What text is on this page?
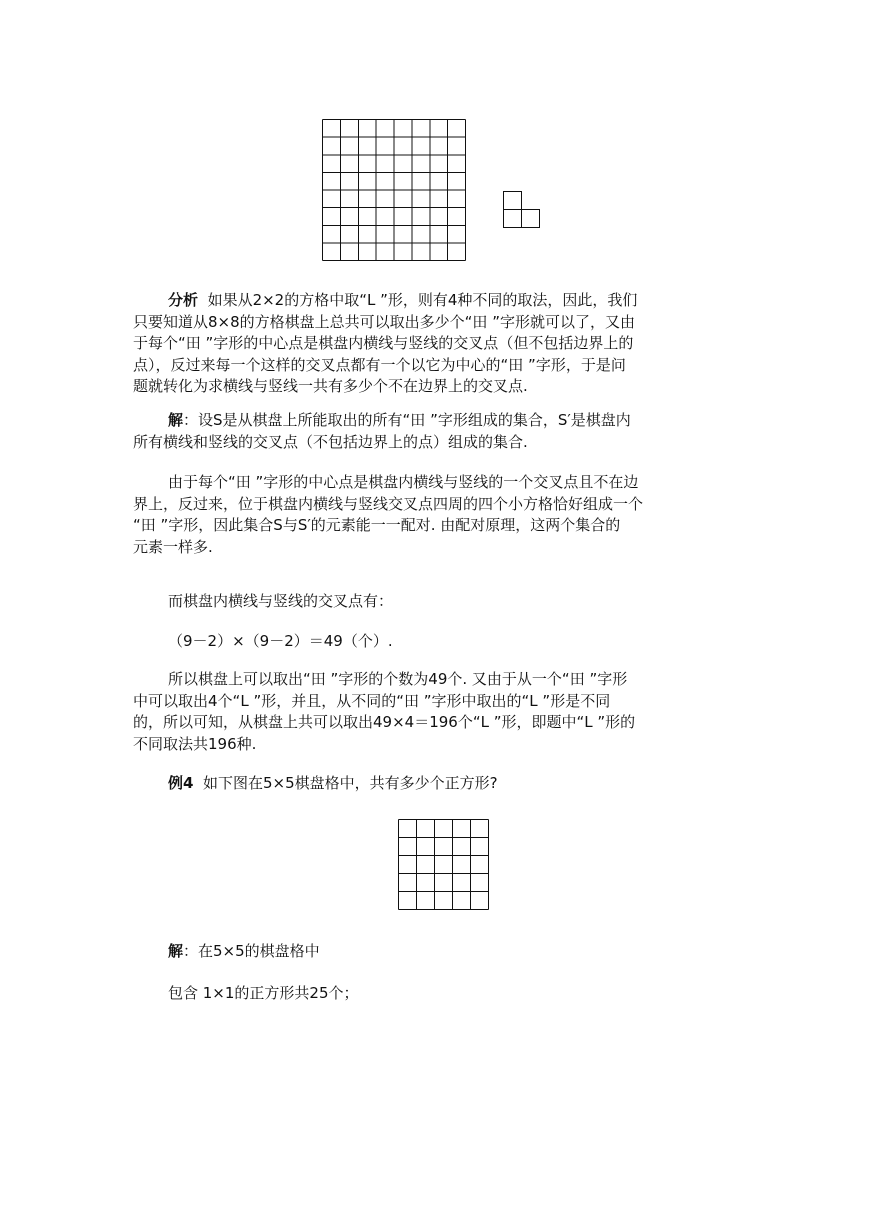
分析 如果从2×2的方格中取“L ”形，则有4种不同的取法，因此，我们
只要知道从8×8的方格棋盘上总共可以取出多少个“田 ”字形就可以了，又由
于每个“田 ”字形的中心点是棋盘内横线与竖线的交叉点（但不包括边界上的
点），反过来每一个这样的交叉点都有一个以它为中心的“田 ”字形，于是问
题就转化为求横线与竖线一共有多少个不在边界上的交叉点.
解：设S是从棋盘上所能取出的所有“田 ”字形组成的集合，S′是棋盘内
所有横线和竖线的交叉点（不包括边界上的点）组成的集合.
由于每个“田 ”字形的中心点是棋盘内横线与竖线的一个交叉点且不在边
界上，反过来，位于棋盘内横线与竖线交叉点四周的四个小方格恰好组成一个
“田 ”字形，因此集合S与S′的元素能一一配对. 由配对原理，这两个集合的
元素一样多.
而棋盘内横线与竖线的交叉点有：
（9－2）×（9－2）＝49（个）.
所以棋盘上可以取出“田 ”字形的个数为49个. 又由于从一个“田 ”字形
中可以取出4个“L ”形，并且，从不同的“田 ”字形中取出的“L ”形是不同
的，所以可知，从棋盘上共可以取出49×4＝196个“L ”形，即题中“L ”形的
不同取法共196种.
例4 如下图在5×5棋盘格中，共有多少个正方形?
解：在5×5的棋盘格中
包含 1×1的正方形共25个；
